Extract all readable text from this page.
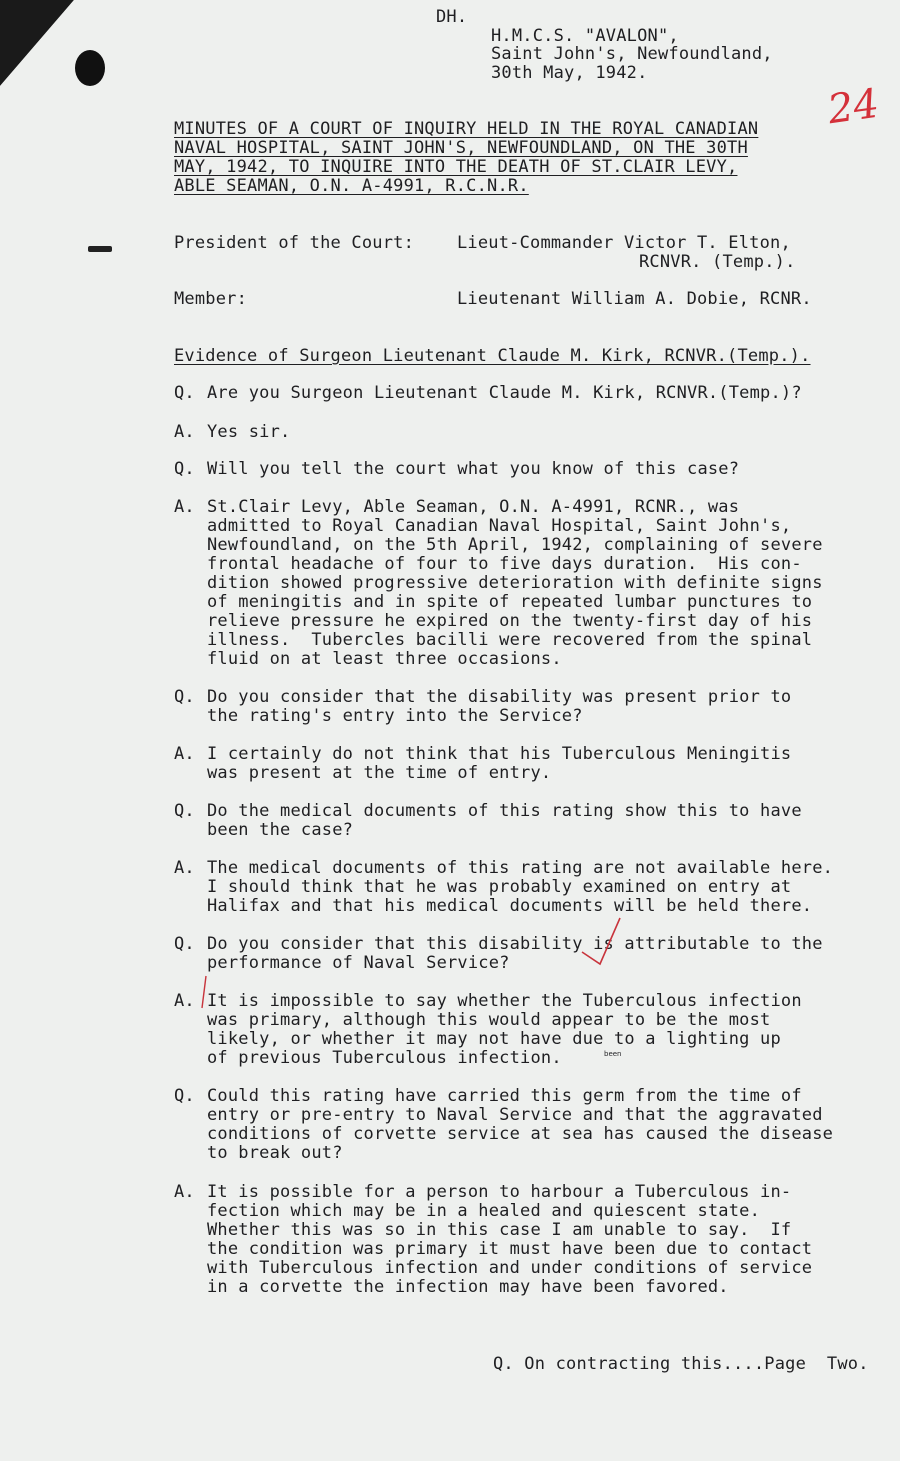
DH.
H.M.C.S. "AVALON",
Saint John's, Newfoundland,
30th May, 1942.
24
MINUTES OF A COURT OF INQUIRY HELD IN THE ROYAL CANADIAN
NAVAL HOSPITAL, SAINT JOHN'S, NEWFOUNDLAND, ON THE 30TH
MAY, 1942, TO INQUIRE INTO THE DEATH OF ST.CLAIR LEVY,
ABLE SEAMAN, O.N. A-4991, R.C.N.R.
President of the Court:	Lieut-Commander Victor T. Elton,
RCNVR. (Temp.).
Member:	Lieutenant William A. Dobie, RCNR.
Evidence of Surgeon Lieutenant Claude M. Kirk, RCNVR.(Temp.).
Q. Are you Surgeon Lieutenant Claude M. Kirk, RCNVR.(Temp.)?
A. Yes sir.
Q. Will you tell the court what you know of this case?
A. St.Clair Levy, Able Seaman, O.N. A-4991, RCNR., was
admitted to Royal Canadian Naval Hospital, Saint John's,
Newfoundland, on the 5th April, 1942, complaining of severe
frontal headache of four to five days duration.  His con-
dition showed progressive deterioration with definite signs
of meningitis and in spite of repeated lumbar punctures to
relieve pressure he expired on the twenty-first day of his
illness.  Tubercles bacilli were recovered from the spinal
fluid on at least three occasions.
Q. Do you consider that the disability was present prior to
the rating's entry into the Service?
A. I certainly do not think that his Tuberculous Meningitis
was present at the time of entry.
Q. Do the medical documents of this rating show this to have
been the case?
A. The medical documents of this rating are not available here.
I should think that he was probably examined on entry at
Halifax and that his medical documents will be held there.
Q. Do you consider that this disability is attributable to the
performance of Naval Service?
A. It is impossible to say whether the Tuberculous infection
was primary, although this would appear to be the most
likely, or whether it may not have due to a lighting up
of previous Tuberculous infection.
Q. Could this rating have carried this germ from the time of
entry or pre-entry to Naval Service and that the aggravated
conditions of corvette service at sea has caused the disease
to break out?
A. It is possible for a person to harbour a Tuberculous in-
fection which may be in a healed and quiescent state.
Whether this was so in this case I am unable to say.  If
the condition was primary it must have been due to contact
with Tuberculous infection and under conditions of service
in a corvette the infection may have been favored.
been
Q. On contracting this....Page  Two.
